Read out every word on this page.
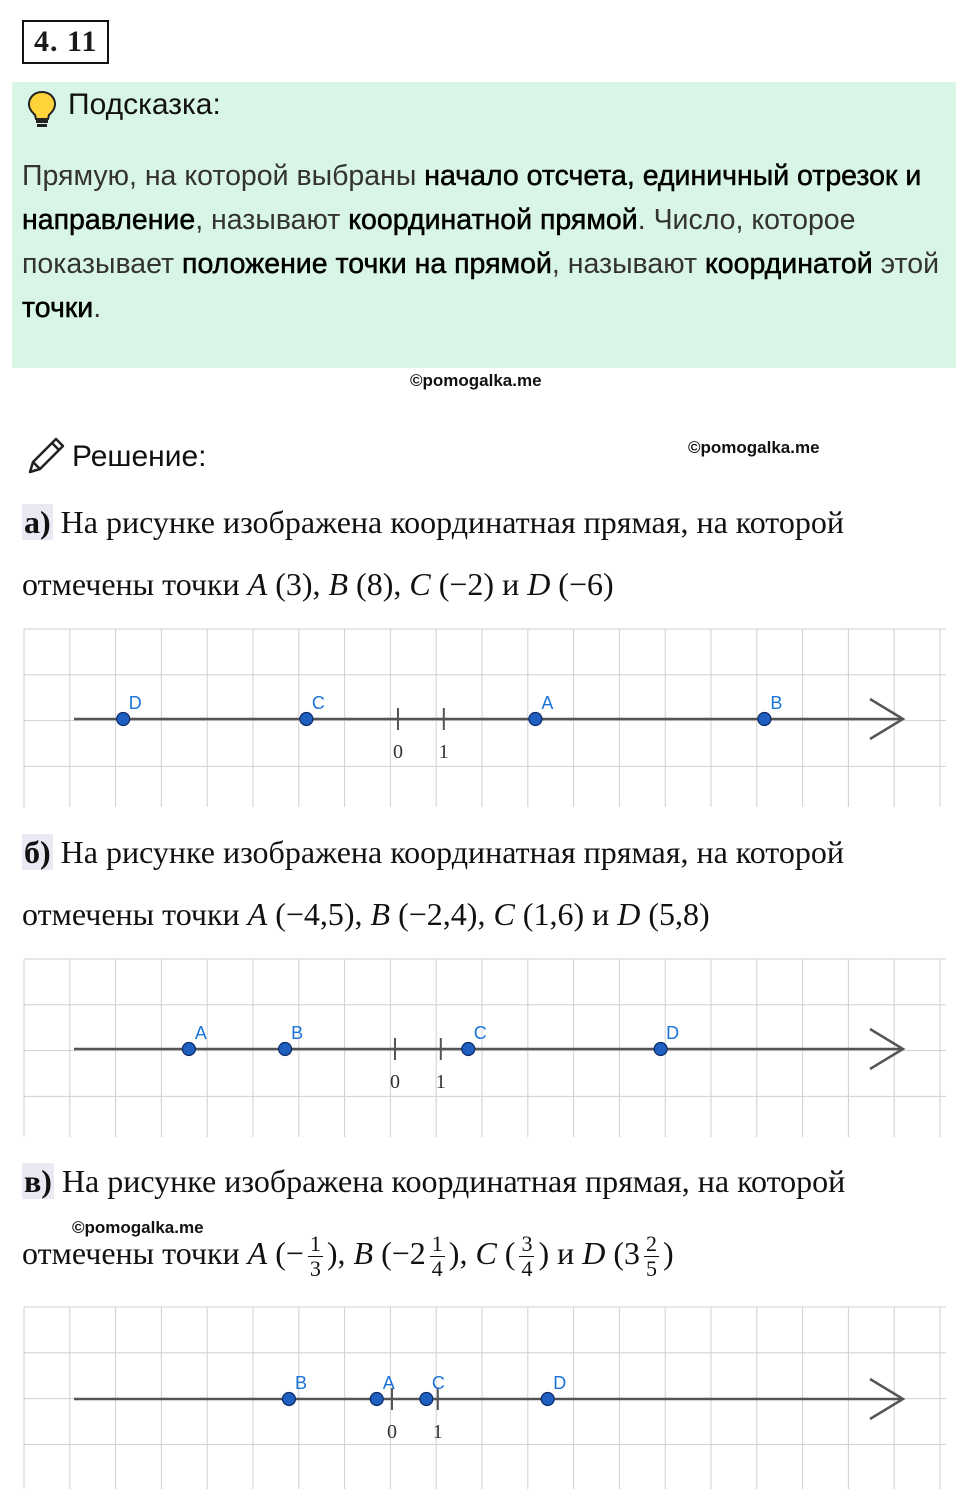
4. 11
Подсказка:
Прямую, на которой выбраны начало отсчета, единичный отрезок и направление, называют координатной прямой. Число, которое показывает положение точки на прямой, называют координатой этой точки.
©pomogalka.me
Решение:	©pomogalka.me
а) На рисунке изображена координатная прямая, на которой
отмечены точки A (3), B (8), C (−2) и D (−6)
0 1
D	C	A	B
б) На рисунке изображена координатная прямая, на которой
отмечены точки A (−4,5), B (−2,4), C (1,6) и D (5,8)
0 1
A	B	C	D
в) На рисунке изображена координатная прямая, на которой
©pomogalka.me
отмечены точки A (− $\frac{1}{3}$ ), B ($-2 \frac{1}{4}$ ), C ( $\frac{3}{4}$ ) и D ($3 \frac{2}{5}$ )
0 1
B	A C	D
